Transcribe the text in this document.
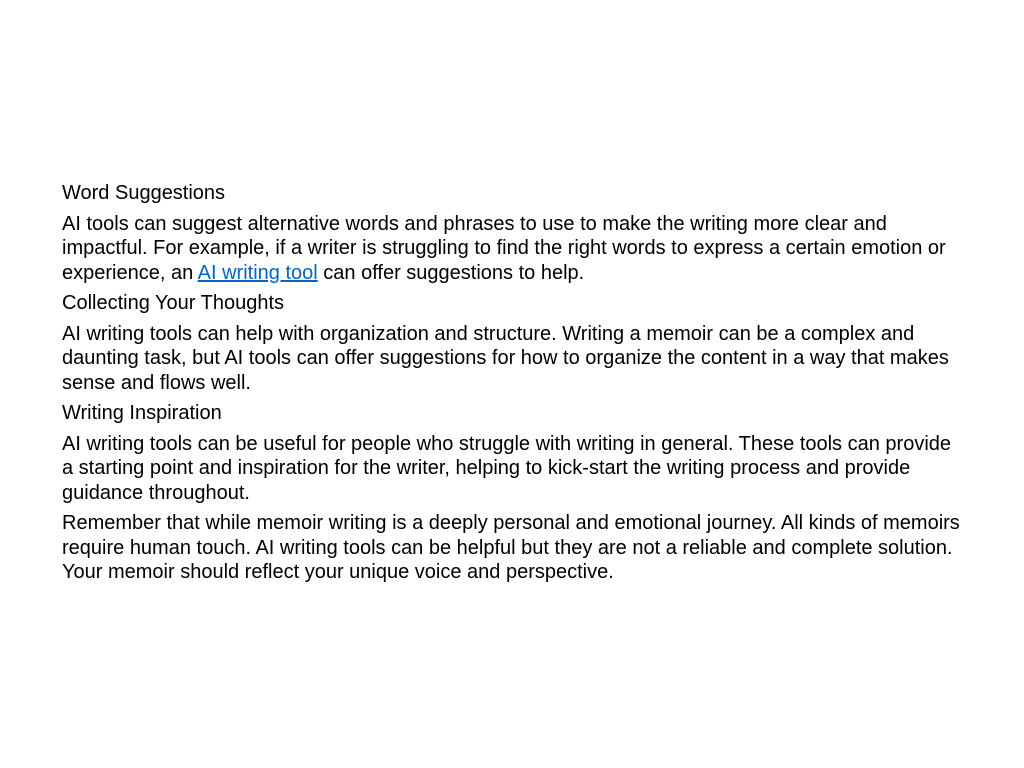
Word Suggestions

AI tools can suggest alternative words and phrases to use to make the writing more clear and impactful. For example, if a writer is struggling to find the right words to express a certain emotion or experience, an AI writing tool can offer suggestions to help.

Collecting Your Thoughts

AI writing tools can help with organization and structure. Writing a memoir can be a complex and daunting task, but AI tools can offer suggestions for how to organize the content in a way that makes sense and flows well.

Writing Inspiration

AI writing tools can be useful for people who struggle with writing in general. These tools can provide a starting point and inspiration for the writer, helping to kick-start the writing process and provide guidance throughout.

Remember that while memoir writing is a deeply personal and emotional journey. All kinds of memoirs require human touch. AI writing tools can be helpful but they are not a reliable and complete solution. Your memoir should reflect your unique voice and perspective.
